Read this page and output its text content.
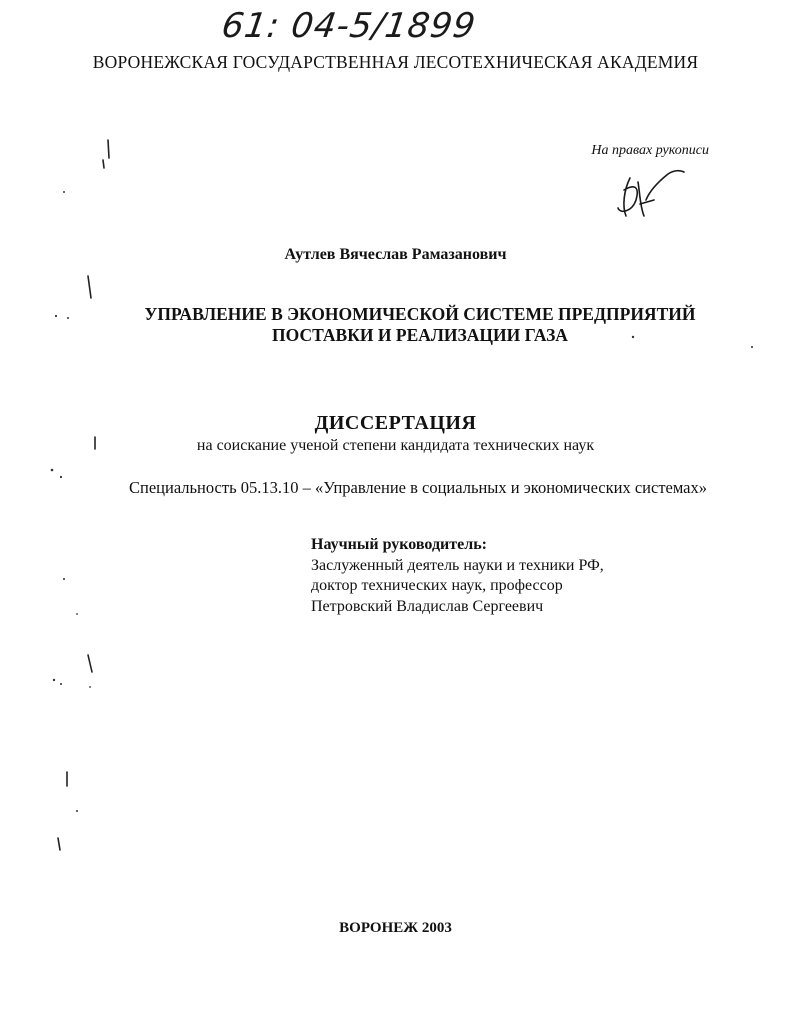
61: 04-5/1899
ВОРОНЕЖСКАЯ ГОСУДАРСТВЕННАЯ ЛЕСОТЕХНИЧЕСКАЯ АКАДЕМИЯ
На правах рукописи
Аутлев Вячеслав Рамазанович
УПРАВЛЕНИЕ В ЭКОНОМИЧЕСКОЙ СИСТЕМЕ ПРЕДПРИЯТИЙ
ПОСТАВКИ И РЕАЛИЗАЦИИ ГАЗА
ДИССЕРТАЦИЯ
на соискание ученой степени кандидата технических наук
Специальность 05.13.10 – «Управление в социальных и экономических системах»
Научный руководитель:
Заслуженный деятель науки и техники РФ,
доктор технических наук, профессор
Петровский Владислав Сергеевич
ВОРОНЕЖ 2003
